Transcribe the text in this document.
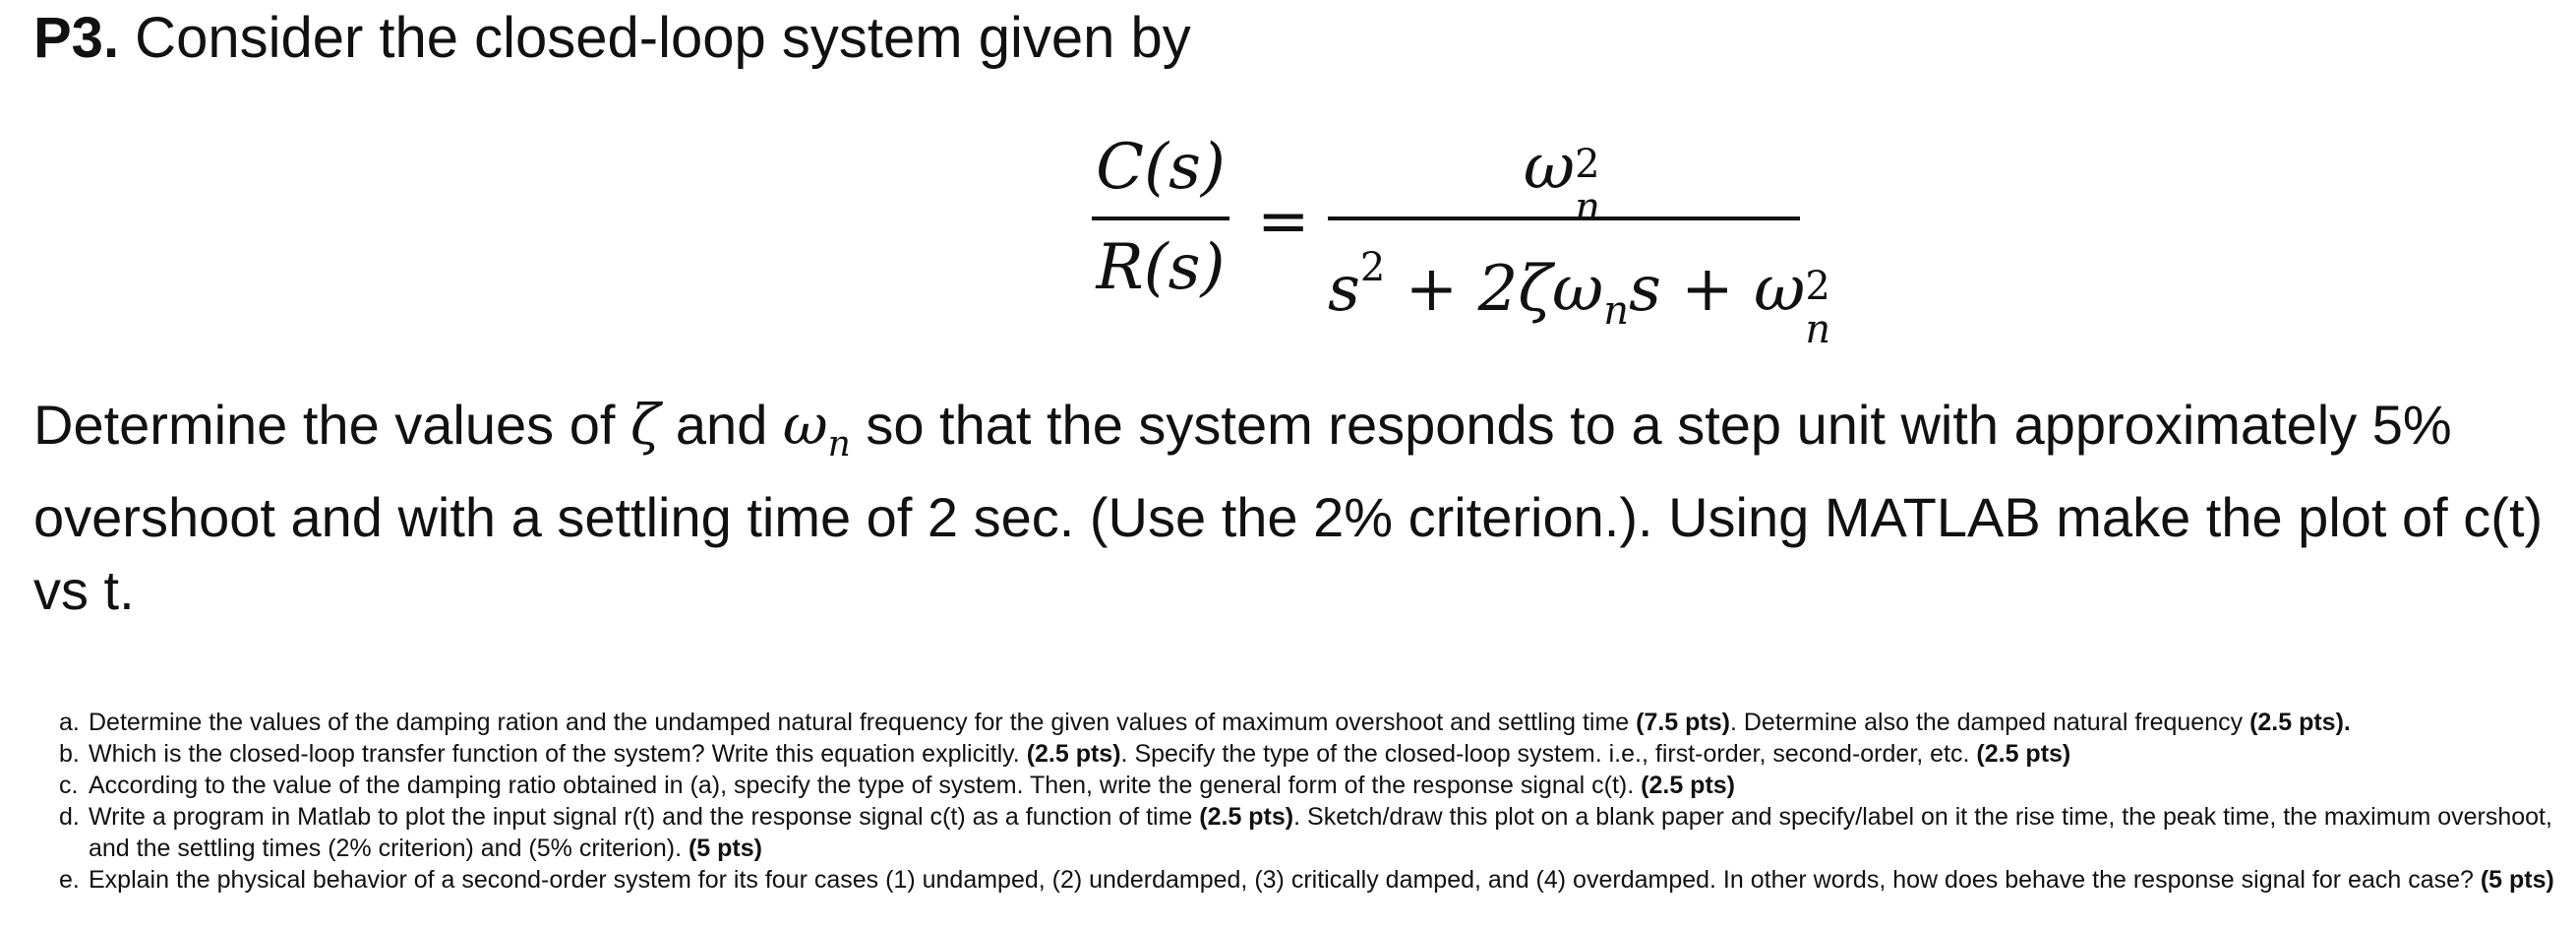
P3. Consider the closed-loop system given by
C(s)
R(s)
=
ω 2
n
$s^2 + 2\zeta\omega_ns + \omega$ 2
n
Determine the values of ζ and $\omega_n$ so that the system responds to a step unit with approximately 5% overshoot and with a settling time of 2 sec. (Use the 2% criterion.). Using MATLAB make the plot of c(t) vs t.
a. Determine the values of the damping ration and the undamped natural frequency for the given values of maximum overshoot and settling time (7.5 pts). Determine also the damped natural frequency (2.5 pts).
b. Which is the closed-loop transfer function of the system? Write this equation explicitly. (2.5 pts). Specify the type of the closed-loop system. i.e., first-order, second-order, etc. (2.5 pts)
c. According to the value of the damping ratio obtained in (a), specify the type of system. Then, write the general form of the response signal c(t). (2.5 pts)
d. Write a program in Matlab to plot the input signal r(t) and the response signal c(t) as a function of time (2.5 pts). Sketch/draw this plot on a blank paper and specify/label on it the rise time, the peak time, the maximum overshoot, and the settling times (2% criterion) and (5% criterion). (5 pts)
e. Explain the physical behavior of a second-order system for its four cases (1) undamped, (2) underdamped, (3) critically damped, and (4) overdamped. In other words, how does behave the response signal for each case? (5 pts)
